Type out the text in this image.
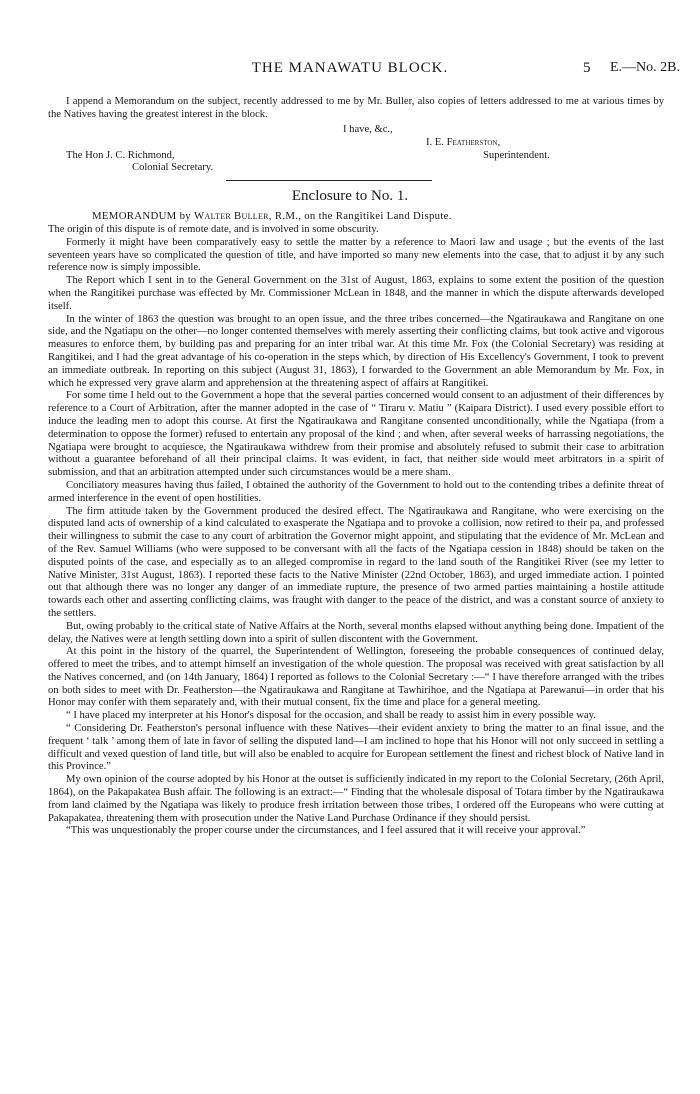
THE MANAWATU BLOCK.	5 E.—No. 2B.

I append a Memorandum on the subject, recently addressed to me by Mr. Buller, also copies of letters addressed to me at various times by the Natives having the greatest interest in the block.

I have, &c.,
I. E. Featherston,
The Hon J. C. Richmond,	Superintendent.
Colonial Secretary.
Enclosure to No. 1.
MEMORANDUM by Walter Buller, R.M., on the Rangitikei Land Dispute.

The origin of this dispute is of remote date, and is involved in some obscurity.

Formerly it might have been comparatively easy to settle the matter by a reference to Maori law and usage ; but the events of the last seventeen years have so complicated the question of title, and have imported so many new elements into the case, that to adjust it by any such reference now is simply impossible.

The Report which I sent in to the General Government on the 31st of August, 1863, explains to some extent the position of the question when the Rangitikei purchase was effected by Mr. Commissioner McLean in 1848, and the manner in which the dispute afterwards developed itself.

In the winter of 1863 the question was brought to an open issue, and the three tribes concerned—the Ngatiraukawa and Rangitane on one side, and the Ngatiapu on the other—no longer contented themselves with merely asserting their conflicting claims, but took active and vigorous measures to enforce them, by building pas and preparing for an inter tribal war. At this time Mr. Fox (the Colonial Secretary) was residing at Rangitikei, and I had the great advantage of his co-operation in the steps which, by direction of His Excellency's Government, I took to prevent an immediate outbreak. In reporting on this subject (August 31, 1863), I forwarded to the Government an able Memorandum by Mr. Fox, in which he expressed very grave alarm and apprehension at the threatening aspect of affairs at Rangitikei.

For some time I held out to the Government a hope that the several parties concerned would consent to an adjustment of their differences by reference to a Court of Arbitration, after the manner adopted in the case of “ Tiraru v. Matiu ” (Kaipara District). I used every possible effort to induce the leading men to adopt this course. At first the Ngatiraukawa and Rangitane consented unconditionally, while the Ngatiapa (from a determination to oppose the former) refused to entertain any proposal of the kind ; and when, after several weeks of harrassing negotiations, the Ngatiapa were brought to acquiesce, the Ngatiraukawa withdrew from their promise and absolutely refused to submit their case to arbitration without a guarantee beforehand of all their principal claims. It was evident, in fact, that neither side would meet arbitrators in a spirit of submission, and that an arbitration attempted under such circumstances would be a mere sham.

Conciliatory measures having thus failed, I obtained the authority of the Government to hold out to the contending tribes a definite threat of armed interference in the event of open hostilities.

The firm attitude taken by the Government produced the desired effect. The Ngatiraukawa and Rangitane, who were exercising on the disputed land acts of ownership of a kind calculated to exasperate the Ngatiapa and to provoke a collision, now retired to their pa, and professed their willingness to submit the case to any court of arbitration the Governor might appoint, and stipulating that the evidence of Mr. McLean and of the Rev. Samuel Williams (who were supposed to be conversant with all the facts of the Ngatiapa cession in 1848) should be taken on the disputed points of the case, and especially as to an alleged compromise in regard to the land south of the Rangitikei River (see my letter to Native Minister, 31st August, 1863). I reported these facts to the Native Minister (22nd October, 1863), and urged immediate action. I pointed out that although there was no longer any danger of an immediate rupture, the presence of two armed parties maintaining a hostile attitude towards each other and asserting conflicting claims, was fraught with danger to the peace of the district, and was a constant source of anxiety to the settlers.

But, owing probably to the critical state of Native Affairs at the North, several months elapsed without anything being done. Impatient of the delay, the Natives were at length settling down into a spirit of sullen discontent with the Government.

At this point in the history of the quarrel, the Superintendent of Wellington, foreseeing the probable consequences of continued delay, offered to meet the tribes, and to attempt himself an investigation of the whole question. The proposal was received with great satisfaction by all the Natives concerned, and (on 14th January, 1864) I reported as follows to the Colonial Secretary :—“ I have therefore arranged with the tribes on both sides to meet with Dr. Featherston—the Ngatiraukawa and Rangitane at Tawhirihoe, and the Ngatiapa at Parewanui—in order that his Honor may confer with them separately and, with their mutual consent, fix the time and place for a general meeting.

“ I have placed my interpreter at his Honor's disposal for the occasion, and shall be ready to assist him in every possible way.

“ Considering Dr. Featherston's personal influence with these Natives—their evident anxiety to bring the matter to an final issue, and the frequent ‘ talk ’ among them of late in favor of selling the disputed land—I am inclined to hope that his Honor will not only succeed in settling a difficult and vexed question of land title, but will also be enabled to acquire for European settlement the finest and richest block of Native land in this Province.”

My own opinion of the course adopted by his Honor at the outset is sufficiently indicated in my report to the Colonial Secretary, (26th April, 1864), on the Pakapakatea Bush affair. The following is an extract:—“ Finding that the wholesale disposal of Totara timber by the Ngatiraukawa from land claimed by the Ngatiapa was likely to produce fresh irritation between those tribes, I ordered off the Europeans who were cutting at Pakapakatea, threatening them with prosecution under the Native Land Purchase Ordinance if they should persist.

“This was unquestionably the proper course under the circumstances, and I feel assured that it will receive your approval.”
